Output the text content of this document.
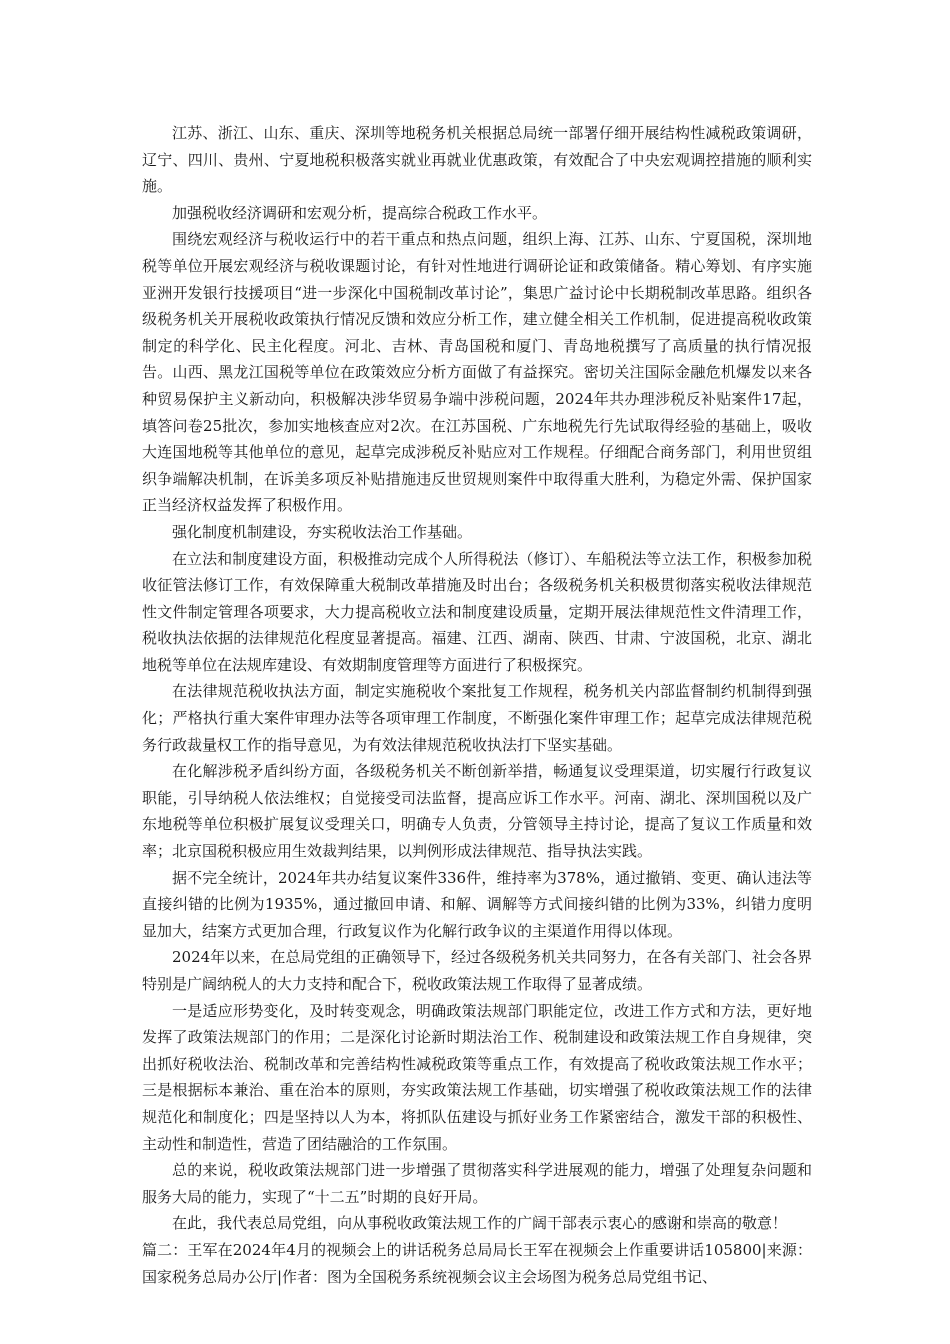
江苏、浙江、山东、重庆、深圳等地税务机关根据总局统一部署仔细开展结构性减税政策调研，辽宁、四川、贵州、宁夏地税积极落实就业再就业优惠政策，有效配合了中央宏观调控措施的顺利实施。

加强税收经济调研和宏观分析，提高综合税政工作水平。

围绕宏观经济与税收运行中的若干重点和热点问题，组织上海、江苏、山东、宁夏国税，深圳地税等单位开展宏观经济与税收课题讨论，有针对性地进行调研论证和政策储备。精心筹划、有序实施亚洲开发银行技援项目“进一步深化中国税制改革讨论”，集思广益讨论中长期税制改革思路。组织各级税务机关开展税收政策执行情况反馈和效应分析工作，建立健全相关工作机制，促进提高税收政策制定的科学化、民主化程度。河北、吉林、青岛国税和厦门、青岛地税撰写了高质量的执行情况报告。山西、黑龙江国税等单位在政策效应分析方面做了有益探究。密切关注国际金融危机爆发以来各种贸易保护主义新动向，积极解决涉华贸易争端中涉税问题，2024年共办理涉税反补贴案件17起，填答问卷25批次，参加实地核查应对2次。在江苏国税、广东地税先行先试取得经验的基础上，吸收大连国地税等其他单位的意见，起草完成涉税反补贴应对工作规程。仔细配合商务部门，利用世贸组织争端解决机制，在诉美多项反补贴措施违反世贸规则案件中取得重大胜利，为稳定外需、保护国家正当经济权益发挥了积极作用。

强化制度机制建设，夯实税收法治工作基础。

在立法和制度建设方面，积极推动完成个人所得税法（修订）、车船税法等立法工作，积极参加税收征管法修订工作，有效保障重大税制改革措施及时出台；各级税务机关积极贯彻落实税收法律规范性文件制定管理各项要求，大力提高税收立法和制度建设质量，定期开展法律规范性文件清理工作，税收执法依据的法律规范化程度显著提高。福建、江西、湖南、陕西、甘肃、宁波国税，北京、湖北地税等单位在法规库建设、有效期制度管理等方面进行了积极探究。

在法律规范税收执法方面，制定实施税收个案批复工作规程，税务机关内部监督制约机制得到强化；严格执行重大案件审理办法等各项审理工作制度，不断强化案件审理工作；起草完成法律规范税务行政裁量权工作的指导意见，为有效法律规范税收执法打下坚实基础。

在化解涉税矛盾纠纷方面，各级税务机关不断创新举措，畅通复议受理渠道，切实履行行政复议职能，引导纳税人依法维权；自觉接受司法监督，提高应诉工作水平。河南、湖北、深圳国税以及广东地税等单位积极扩展复议受理关口，明确专人负责，分管领导主持讨论，提高了复议工作质量和效率；北京国税积极应用生效裁判结果，以判例形成法律规范、指导执法实践。

据不完全统计，2024年共办结复议案件336件，维持率为378%，通过撤销、变更、确认违法等直接纠错的比例为1935%，通过撤回申请、和解、调解等方式间接纠错的比例为33%，纠错力度明显加大，结案方式更加合理，行政复议作为化解行政争议的主渠道作用得以体现。

2024年以来，在总局党组的正确领导下，经过各级税务机关共同努力，在各有关部门、社会各界特别是广阔纳税人的大力支持和配合下，税收政策法规工作取得了显著成绩。

一是适应形势变化，及时转变观念，明确政策法规部门职能定位，改进工作方式和方法，更好地发挥了政策法规部门的作用；二是深化讨论新时期法治工作、税制建设和政策法规工作自身规律，突出抓好税收法治、税制改革和完善结构性减税政策等重点工作，有效提高了税收政策法规工作水平；三是根据标本兼治、重在治本的原则，夯实政策法规工作基础，切实增强了税收政策法规工作的法律规范化和制度化；四是坚持以人为本，将抓队伍建设与抓好业务工作紧密结合，激发干部的积极性、主动性和制造性，营造了团结融洽的工作氛围。

总的来说，税收政策法规部门进一步增强了贯彻落实科学进展观的能力，增强了处理复杂问题和服务大局的能力，实现了“十二五”时期的良好开局。

在此，我代表总局党组，向从事税收政策法规工作的广阔干部表示衷心的感谢和崇高的敬意！

篇二：王军在2024年4月的视频会上的讲话税务总局局长王军在视频会上作重要讲话105800|来源：国家税务总局办公厅|作者：图为全国税务系统视频会议主会场图为税务总局党组书记、
